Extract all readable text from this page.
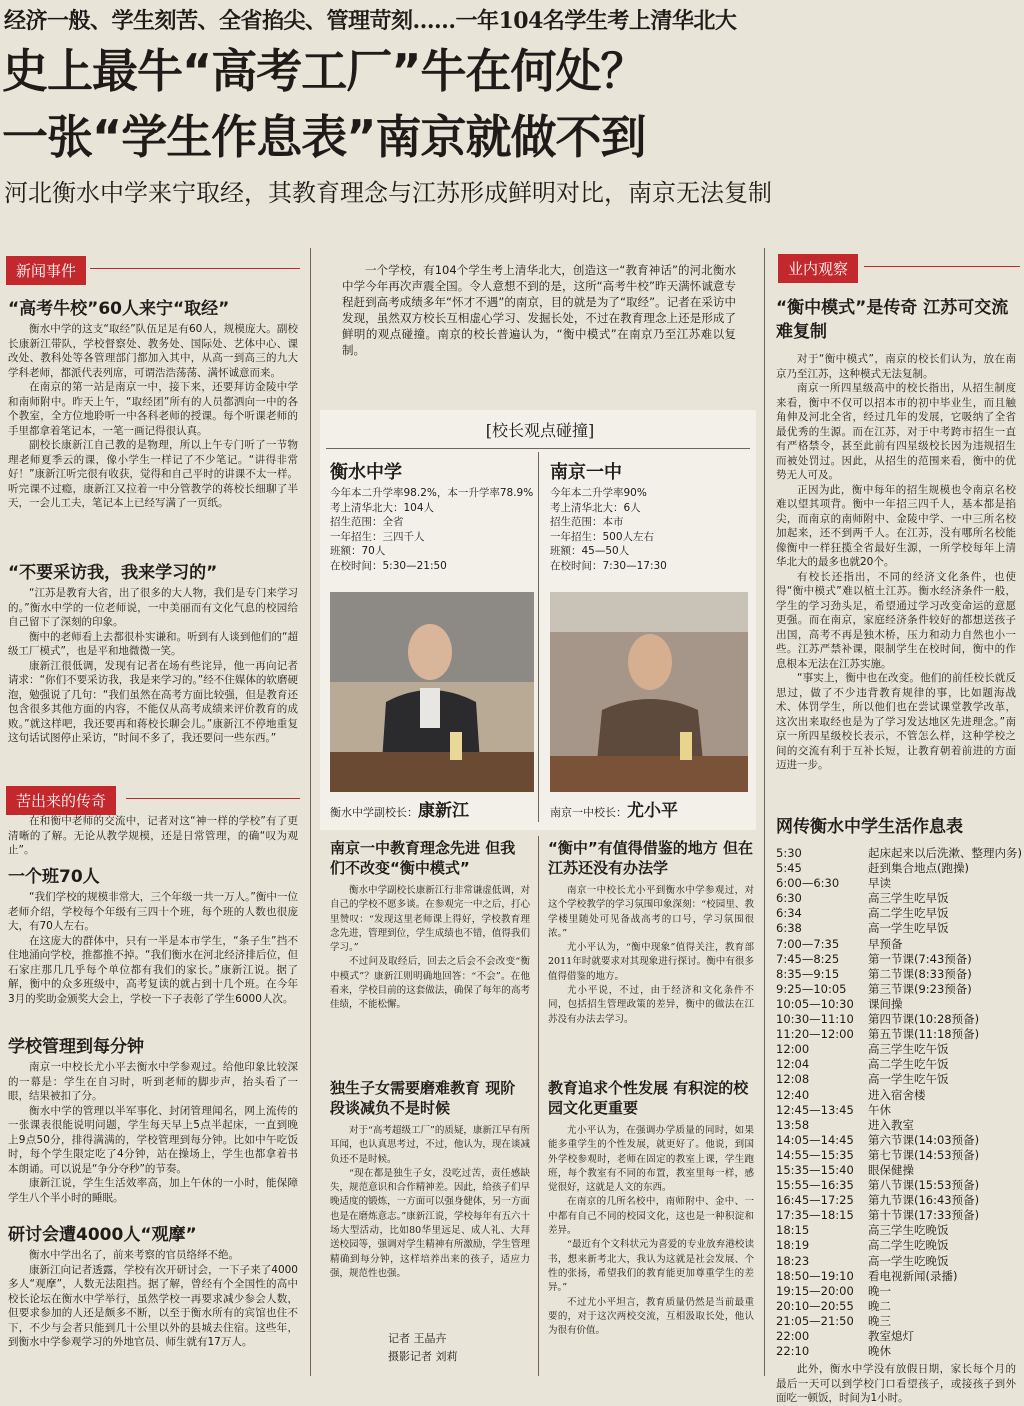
经济一般、学生刻苦、全省掐尖、管理苛刻……一年104名学生考上清华北大
史上最牛“高考工厂”牛在何处？
一张“学生作息表”南京就做不到
河北衡水中学来宁取经，其教育理念与江苏形成鲜明对比，南京无法复制
新闻事件
“高考牛校”60人来宁“取经”

衡水中学的这支“取经”队伍足足有60人，规模庞大。副校长康新江带队，学校督察处、教务处、国际处、艺体中心、课改处、教科处等各管理部门都加入其中，从高一到高三的九大学科老师，都派代表列席，可谓浩浩荡荡、满怀诚意而来。

在南京的第一站是南京一中，接下来，还要拜访金陵中学和南师附中。昨天上午，“取经团”所有的人员都洒向一中的各个教室，全方位地聆听一中各科老师的授课。每个听课老师的手里都拿着笔记本，一笔一画记得很认真。

副校长康新江自己教的是物理，所以上午专门听了一节物理老师夏季云的课，像小学生一样记了不少笔记。“讲得非常好！”康新江听完很有收获，觉得和自己平时的讲课不太一样。听完课不过瘾，康新江又拉着一中分管教学的蒋校长细聊了半天，一会儿工夫，笔记本上已经写满了一页纸。

“不要采访我，我来学习的”

“江苏是教育大省，出了很多的大人物，我们是专门来学习的。”衡水中学的一位老师说，一中美丽而有文化气息的校园给自己留下了深刻的印象。

衡中的老师看上去都很朴实谦和。听到有人谈到他们的“超级工厂模式”，也是平和地微微一笑。

康新江很低调，发现有记者在场有些诧异，他一再向记者请求：“你们不要采访我，我是来学习的。”经不住媒体的软磨硬泡，勉强说了几句：“我们虽然在高考方面比较强，但是教育还包含很多其他方面的内容，不能仅从高考成绩来评价教育的成败。”就这样吧，我还要再和蒋校长聊会儿。”康新江不停地重复这句话试图停止采访，“时间不多了，我还要问一些东西。”

苦出来的传奇

在和衡中老师的交流中，记者对这“神一样的学校”有了更清晰的了解。无论从教学规模，还是日常管理，的确“叹为观止”。

一个班70人

“我们学校的规模非常大，三个年级一共一万人。”衡中一位老师介绍，学校每个年级有三四十个班，每个班的人数也很庞大，有70人左右。

在这庞大的群体中，只有一半是本市学生，“条子生”挡不住地涌向学校，推都推不掉。“我们衡水在河北经济排后位，但石家庄那几几乎每个单位都有我们的家长。”康新江说。据了解，衡中的众多班级中，高考复读的就占到十几个班。在今年3月的奖助金颁奖大会上，学校一下子表彰了学生6000人次。

学校管理到每分钟

南京一中校长尤小平去衡水中学参观过。给他印象比较深的一幕是：学生在自习时，听到老师的脚步声，抬头看了一眼，结果被扣了分。

衡水中学的管理以半军事化、封闭管理闻名，网上流传的一张课表很能说明问题，学生每天早上5点半起床，一直到晚上9点50分，排得满满的，学校管理到每分钟。比如中午吃饭时，每个学生限定吃了4分钟，站在操场上，学生也都拿着书本朗诵。可以说是“争分夺秒”的节奏。

康新江说，学生生活效率高，加上午休的一小时，能保障学生八个半小时的睡眠。

研讨会遭4000人“观摩”

衡水中学出名了，前来考察的官员络绎不绝。

康新江向记者透露，学校有次开研讨会，一下子来了4000多人“观摩”，人数无法阻挡。据了解，曾经有个全国性的高中校长论坛在衡水中学举行，虽然学校一再要求减少参会人数，但要求参加的人还是颇多不断，以至于衡水所有的宾馆也住不下，不少与会者只能到几十公里以外的县城去住宿。这些年，到衡水中学参观学习的外地官员、师生就有17万人。

一个学校，有104个学生考上清华北大，创造这一“教育神话”的河北衡水中学今年再次声震全国。令人意想不到的是，这所“高考牛校”昨天满怀诚意专程赶到高考成绩多年“怀才不遇”的南京，目的就是为了“取经”。记者在采访中发现，虽然双方校长互相虚心学习、发掘长处，不过在教育理念上还是形成了鲜明的观点碰撞。南京的校长普遍认为，“衡中模式”在南京乃至江苏难以复制。

[校长观点碰撞]
衡水中学
今年本二升学率98.2%，本一升学率78.9%
考上清华北大：104人
招生范围：全省
一年招生：三四千人
班额：70人
在校时间：5:30—21:50
南京一中
今年本二升学率90%
考上清华北大：6人
招生范围：本市
一年招生：500人左右
班额：45—50人
在校时间：7:30—17:30
衡水中学副校长：康新江	南京一中校长：尤小平
南京一中教育理念先进 但我们不改变“衡中模式”

衡水中学副校长康新江行非常谦虚低调，对自己的学校不愿多谈。在参观完一中之后，打心里赞叹：“发现这里老师课上得好，学校教育理念先进，管理到位，学生成绩也不错，值得我们学习。”

不过问及取经后，回去之后会不会改变“衡中模式”？康新江则明确地回答：“不会”。在他看来，学校目前的这套做法，确保了每年的高考佳绩，不能松懈。

独生子女需要磨难教育 现阶段谈减负不是时候

对于“高考超级工厂”的质疑，康新江早有所耳闻，也认真思考过，不过，他认为，现在谈减负还不是时候。

“现在都是独生子女，没吃过苦，责任感缺失，规范意识和合作精神差。因此，给孩子们早晚适度的锻炼，一方面可以强身健体，另一方面也是在磨炼意志。”康新江说，学校每年有五六十场大型活动，比如80华里远足、成人礼、大拜送校园等，强调对学生精神有所激励，学生管理精确到每分钟，这样培养出来的孩子，适应力强，规范性也强。

“衡中”有值得借鉴的地方 但在江苏还没有办法学

南京一中校长尤小平到衡水中学参观过，对这个学校教学的学习氛围印象深刻：“校园里、教学楼里随处可见备战高考的口号，学习氛围很浓。”

尤小平认为，“衡中现象”值得关注，教育部2011年时就要求对其现象进行探讨。衡中有很多值得借鉴的地方。

尤小平说，不过，由于经济和文化条件不同，包括招生管理政策的差异，衡中的做法在江苏没有办法去学习。

教育追求个性发展 有积淀的校园文化更重要

尤小平认为，在强调办学质量的同时，如果能多重学生的个性发展，就更好了。他说，到国外学校参观时，老师在固定的教室上课，学生跑班，每个教室有不同的布置，教室里每一样，感觉很好，这就是人文的东西。

在南京的几所名校中，南师附中、金中、一中都有自己不同的校园文化，这也是一种积淀和差异。

“最近有个文科状元为喜爱的专业放弃港校读书，想来新考北大，我认为这就是社会发展、个性的张扬，希望我们的教育能更加尊重学生的差异。”

不过尤小平坦言，教育质量仍然是当前最重要的，对于这次两校交流，互相汲取长处，他认为很有价值。

记者 王晶卉
摄影记者 刘莉
业内观察
“衡中模式”是传奇 江苏可交流难复制

对于“衡中模式”，南京的校长们认为，放在南京乃至江苏，这种模式无法复制。

南京一所四星级高中的校长指出，从招生制度来看，衡中不仅可以招本市的初中毕业生，而且触角伸及河北全省，经过几年的发展，它吸纳了全省最优秀的生源。而在江苏，对于中考跨市招生一直有严格禁令，甚至此前有四星级校长因为违规招生而被处罚过。因此，从招生的范围来看，衡中的优势无人可及。

正因为此，衡中每年的招生规模也令南京名校难以望其项背。衡中一年招三四千人，基本都是掐尖，而南京的南师附中、金陵中学、一中三所名校加起来，还不到两千人。在江苏，没有哪所名校能像衡中一样狂揽全省最好生源，一所学校每年上清华北大的最多也就20个。

有校长还指出，不同的经济文化条件，也使得“衡中模式”难以植土江苏。衡水经济条件一般，学生的学习劲头足，希望通过学习改变命运的意愿更强。而在南京，家庭经济条件较好的都想送孩子出国，高考不再是独木桥，压力和动力自然也小一些。江苏严禁补课，限制学生在校时间，衡中的作息根本无法在江苏实施。

“事实上，衡中也在改变。他们的前任校长就反思过，做了不少违背教育规律的事，比如题海战术、体罚学生，所以他们也在尝试课堂教学改革，这次出来取经也是为了学习发达地区先进理念。”南京一所四星级校长表示，不管怎么样，这种学校之间的交流有利于互补长短，让教育朝着前进的方面迈进一步。

网传衡水中学生活作息表
5:30	起床起来以后洗漱、整理内务)
5:45	赶到集合地点(跑操)
6:00—6:30	早读
6:30	高三学生吃早饭
6:34	高二学生吃早饭
6:38	高一学生吃早饭
7:00—7:35	早预备
7:45—8:25	第一节课(7:43预备)
8:35—9:15	第二节课(8:33预备)
9:25—10:05 第三节课(9:23预备)
10:05—10:30 课间操
10:30—11:10 第四节课(10:28预备)
11:20—12:00 第五节课(11:18预备)
12:00	高三学生吃午饭
12:04	高二学生吃午饭
12:08	高一学生吃午饭
12:40	进入宿舍楼
12:45—13:45 午休
13:58	进入教室
14:05—14:45 第六节课(14:03预备)
14:55—15:35 第七节课(14:53预备)
15:35—15:40 眼保健操
15:55—16:35 第八节课(15:53预备)
16:45—17:25 第九节课(16:43预备)
17:35—18:15 第十节课(17:33预备)
18:15	高三学生吃晚饭
18:19	高二学生吃晚饭
18:23	高一学生吃晚饭
18:50—19:10 看电视新闻(录播)
19:15—20:00 晚一
20:10—20:55 晚二
21:05—21:50 晚三
22:00	教室熄灯
22:10	晚休

此外，衡水中学没有放假日期，家长每个月的最后一天可以到学校门口看望孩子，或接孩子到外面吃一顿饭，时间为1小时。
